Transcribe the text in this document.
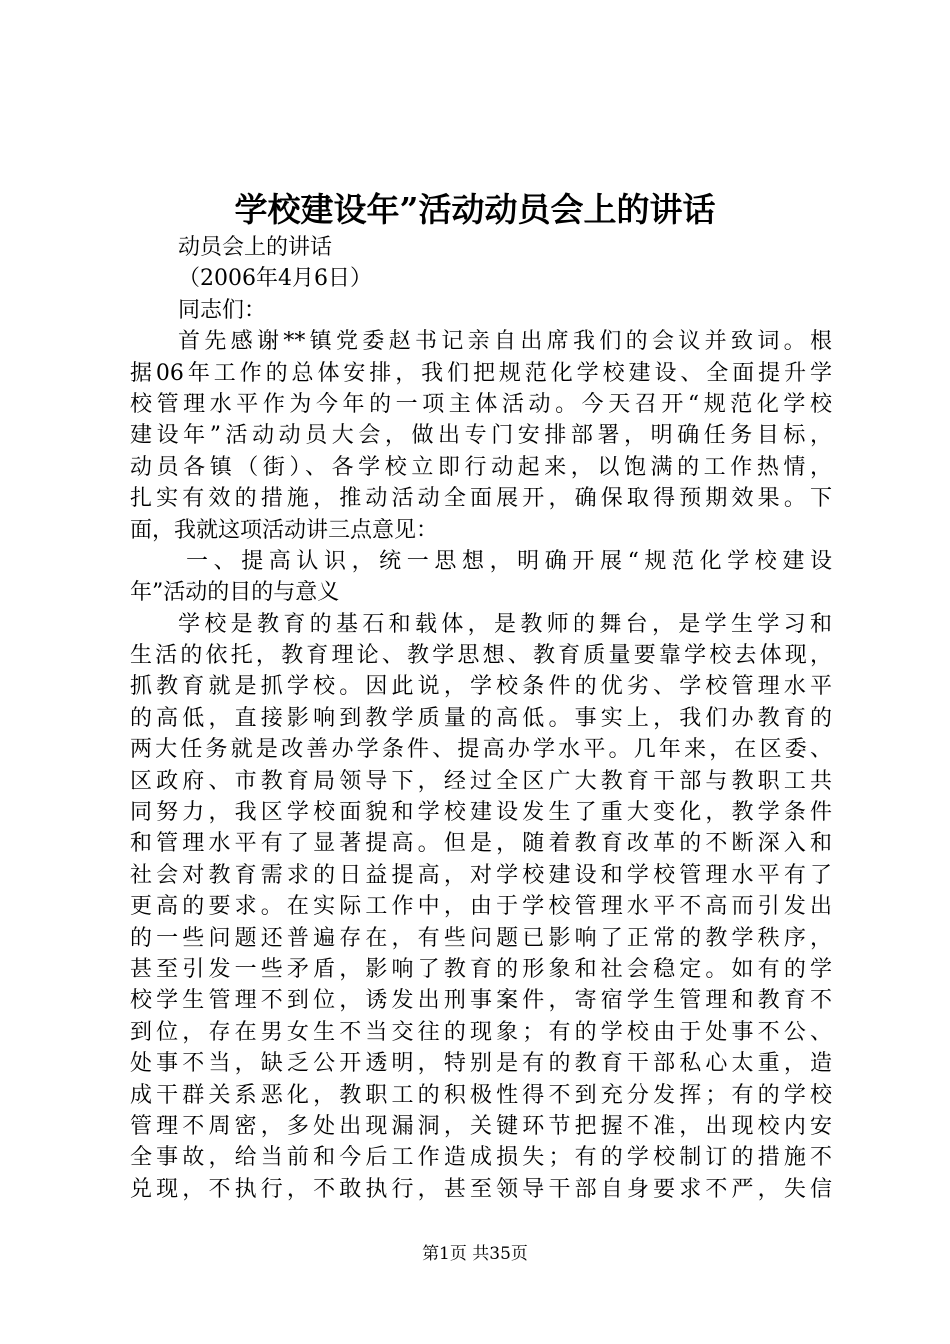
学校建设年”活动动员会上的讲话
动员会上的讲话
（2006年4月6日）
同志们：
首先感谢**镇党委赵书记亲自出席我们的会议并致词。根
据06年工作的总体安排，我们把规范化学校建设、全面提升学
校管理水平作为今年的一项主体活动。今天召开“规范化学校
建设年”活动动员大会，做出专门安排部署，明确任务目标，
动员各镇（街）、各学校立即行动起来，以饱满的工作热情，
扎实有效的措施，推动活动全面展开，确保取得预期效果。下
面，我就这项活动讲三点意见：
一、提高认识，统一思想，明确开展“规范化学校建设
年”活动的目的与意义
学校是教育的基石和载体，是教师的舞台，是学生学习和
生活的依托，教育理论、教学思想、教育质量要靠学校去体现，
抓教育就是抓学校。因此说，学校条件的优劣、学校管理水平
的高低，直接影响到教学质量的高低。事实上，我们办教育的
两大任务就是改善办学条件、提高办学水平。几年来，在区委、
区政府、市教育局领导下，经过全区广大教育干部与教职工共
同努力，我区学校面貌和学校建设发生了重大变化，教学条件
和管理水平有了显著提高。但是，随着教育改革的不断深入和
社会对教育需求的日益提高，对学校建设和学校管理水平有了
更高的要求。在实际工作中，由于学校管理水平不高而引发出
的一些问题还普遍存在，有些问题已影响了正常的教学秩序，
甚至引发一些矛盾，影响了教育的形象和社会稳定。如有的学
校学生管理不到位，诱发出刑事案件，寄宿学生管理和教育不
到位，存在男女生不当交往的现象；有的学校由于处事不公、
处事不当，缺乏公开透明，特别是有的教育干部私心太重，造
成干群关系恶化，教职工的积极性得不到充分发挥；有的学校
管理不周密，多处出现漏洞，关键环节把握不准，出现校内安
全事故，给当前和今后工作造成损失；有的学校制订的措施不
兑现，不执行，不敢执行，甚至领导干部自身要求不严，失信
第1页 共35页
